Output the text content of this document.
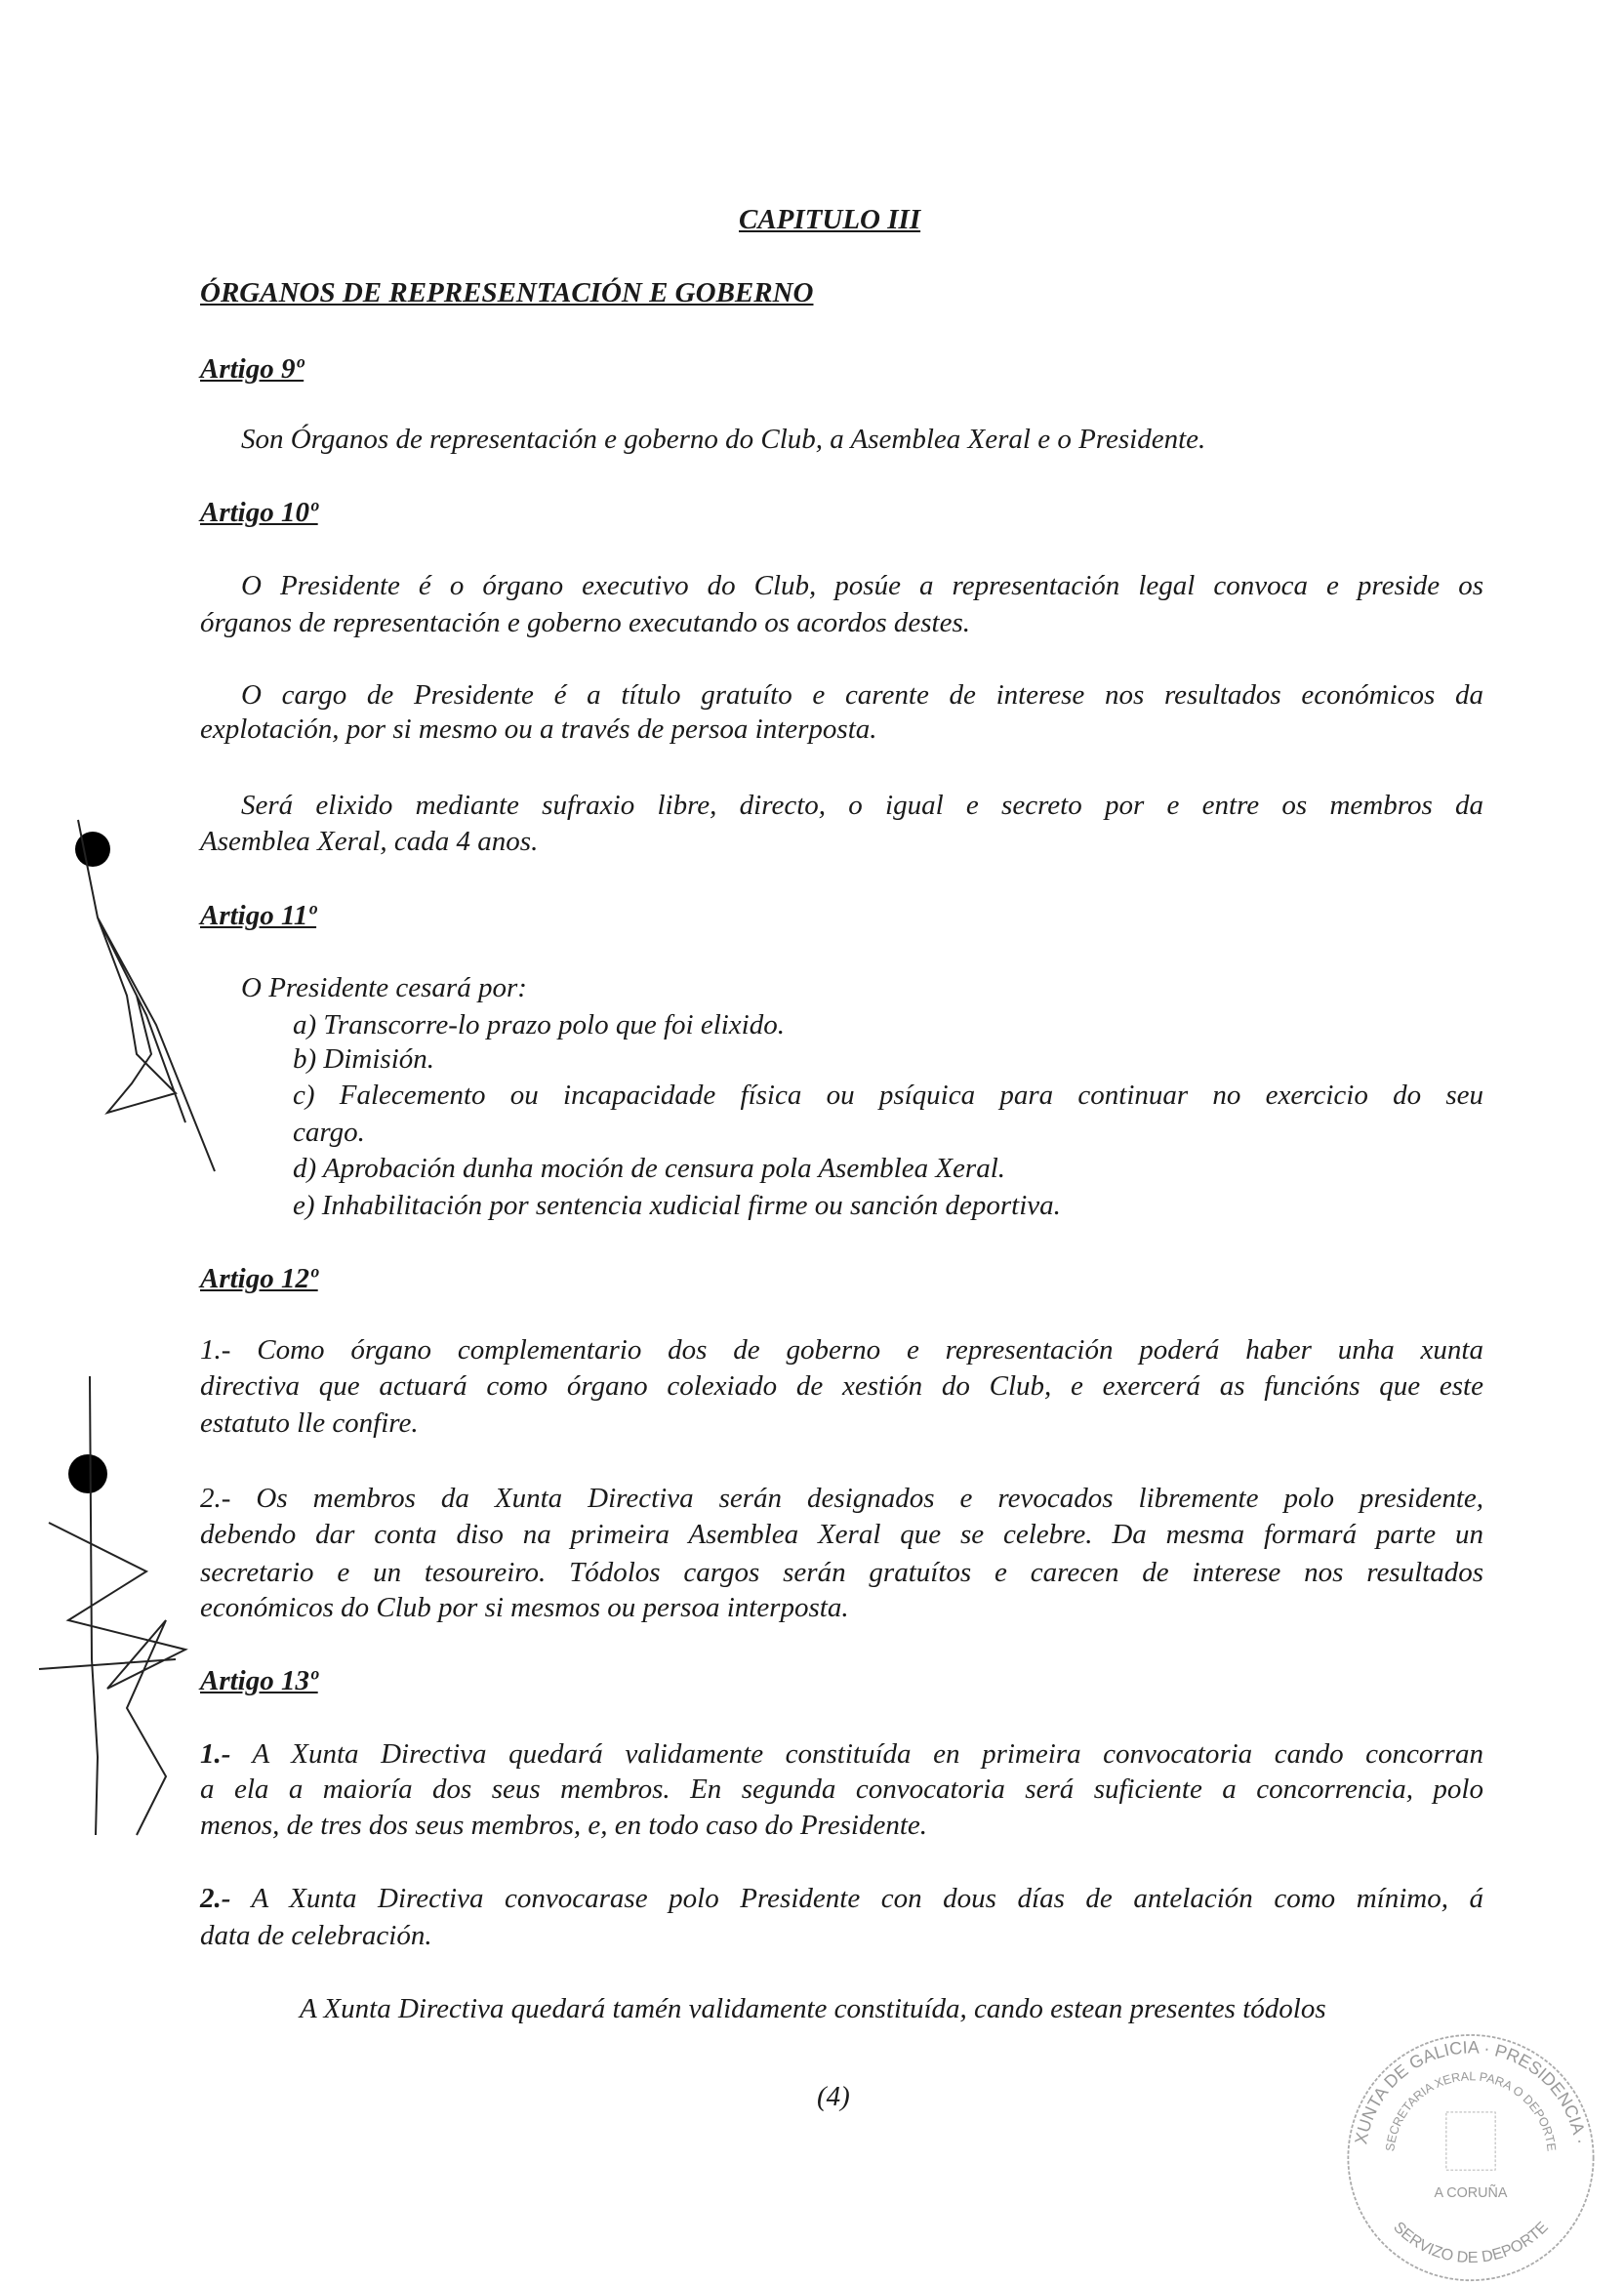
CAPITULO III
ÓRGANOS DE REPRESENTACIÓN E GOBERNO
Artigo 9º
Son Órganos de representación e goberno do Club, a Asemblea Xeral e o Presidente.
Artigo 10º
O Presidente é o órgano executivo do Club, posúe a representación legal convoca e preside os
órganos de representación e goberno executando os acordos destes.
O cargo de Presidente é a título gratuíto e carente de interese nos resultados económicos da
explotación, por si mesmo ou a través de persoa interposta.
Será elixido mediante sufraxio libre, directo, o igual e secreto por e entre os membros da
Asemblea Xeral, cada 4 anos.
Artigo 11º
O Presidente cesará por:
a) Transcorre-lo prazo polo que foi elixido.
b) Dimisión.
c) Falecemento ou incapacidade física ou psíquica para continuar no exercicio do seu
cargo.
d) Aprobación dunha moción de censura pola Asemblea Xeral.
e) Inhabilitación por sentencia xudicial firme ou sanción deportiva.
Artigo 12º
1.- Como órgano complementario dos de goberno e representación poderá haber unha xunta
directiva que actuará como órgano colexiado de xestión do Club, e exercerá as funcións que este
estatuto lle confire.
2.- Os membros da Xunta Directiva serán designados e revocados libremente polo presidente,
debendo dar conta diso na primeira Asemblea Xeral que se celebre. Da mesma formará parte un
secretario e un tesoureiro. Tódolos cargos serán gratuítos e carecen de interese nos resultados
económicos do Club por si mesmos ou persoa interposta.
Artigo 13º
1.- A Xunta Directiva quedará validamente constituída en primeira convocatoria cando concorran
a ela a maioría dos seus membros. En segunda convocatoria será suficiente a concorrencia, polo
menos, de tres dos seus membros, e, en todo caso do Presidente.
2.- A Xunta Directiva convocarase polo Presidente con dous días de antelación como mínimo, á
data de celebración.
A Xunta Directiva quedará tamén validamente constituída, cando estean presentes tódolos
(4)
XUNTA DE GALICIA · PRESIDENCIA ·
SECRETARIA XERAL PARA O DEPORTE
A CORUÑA
SERVIZO DE DEPORTE
